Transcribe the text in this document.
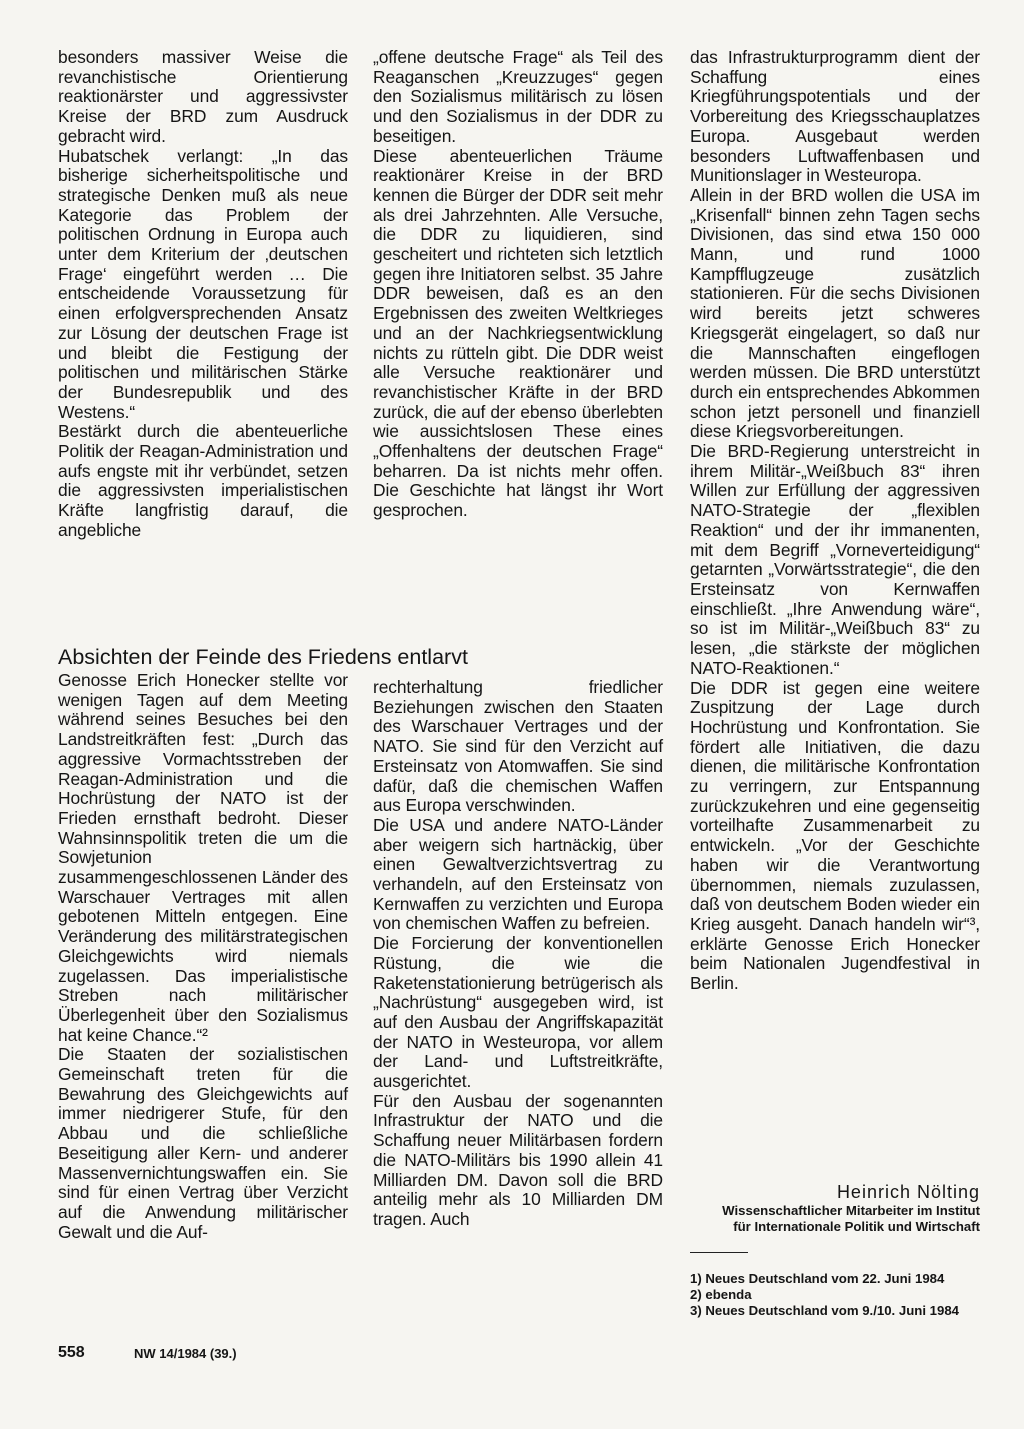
besonders massiver Weise die revanchistische Orientierung reaktionärster und aggressivster Kreise der BRD zum Ausdruck gebracht wird.

Hubatschek verlangt: „In das bisherige sicherheitspolitische und strategische Denken muß als neue Kategorie das Problem der politischen Ordnung in Europa auch unter dem Kriterium der ‚deutschen Frage‘ eingeführt werden … Die entscheidende Voraussetzung für einen erfolgversprechenden Ansatz zur Lösung der deutschen Frage ist und bleibt die Festigung der politischen und militärischen Stärke der Bundesrepublik und des Westens.“

Bestärkt durch die abenteuerliche Politik der Reagan-Administration und aufs engste mit ihr verbündet, setzen die aggressivsten imperialistischen Kräfte langfristig darauf, die angebliche

„offene deutsche Frage“ als Teil des Reaganschen „Kreuzzuges“ gegen den Sozialismus militärisch zu lösen und den Sozialismus in der DDR zu beseitigen.

Diese abenteuerlichen Träume reaktionärer Kreise in der BRD kennen die Bürger der DDR seit mehr als drei Jahrzehnten. Alle Versuche, die DDR zu liquidieren, sind gescheitert und richteten sich letztlich gegen ihre Initiatoren selbst. 35 Jahre DDR beweisen, daß es an den Ergebnissen des zweiten Weltkrieges und an der Nachkriegsentwicklung nichts zu rütteln gibt. Die DDR weist alle Versuche reaktionärer und revanchistischer Kräfte in der BRD zurück, die auf der ebenso überlebten wie aussichtslosen These eines „Offenhaltens der deutschen Frage“ beharren. Da ist nichts mehr offen. Die Geschichte hat längst ihr Wort gesprochen.

das Infrastrukturprogramm dient der Schaffung eines Kriegführungspotentials und der Vorbereitung des Kriegsschauplatzes Europa. Ausgebaut werden besonders Luftwaffenbasen und Munitionslager in Westeuropa.

Allein in der BRD wollen die USA im „Krisenfall“ binnen zehn Tagen sechs Divisionen, das sind etwa 150 000 Mann, und rund 1000 Kampfflugzeuge zusätzlich stationieren. Für die sechs Divisionen wird bereits jetzt schweres Kriegsgerät eingelagert, so daß nur die Mannschaften eingeflogen werden müssen. Die BRD unterstützt durch ein entsprechendes Abkommen schon jetzt personell und finanziell diese Kriegsvorbereitungen.

Die BRD-Regierung unterstreicht in ihrem Militär-„Weißbuch 83“ ihren Willen zur Erfüllung der aggressiven NATO-Strategie der „flexiblen Reaktion“ und der ihr immanenten, mit dem Begriff „Vorneverteidigung“ getarnten „Vorwärtsstrategie“, die den Ersteinsatz von Kernwaffen einschließt. „Ihre Anwendung wäre“, so ist im Militär-„Weißbuch 83“ zu lesen, „die stärkste der möglichen NATO-Reaktionen.“

Die DDR ist gegen eine weitere Zuspitzung der Lage durch Hochrüstung und Konfrontation. Sie fördert alle Initiativen, die dazu dienen, die militärische Konfrontation zu verringern, zur Entspannung zurückzukehren und eine gegenseitig vorteilhafte Zusammenarbeit zu entwickeln. „Vor der Geschichte haben wir die Verantwortung übernommen, niemals zuzulassen, daß von deutschem Boden wieder ein Krieg ausgeht. Danach handeln wir“³, erklärte Genosse Erich Honecker beim Nationalen Jugendfestival in Berlin.

Absichten der Feinde des Friedens entlarvt

Genosse Erich Honecker stellte vor wenigen Tagen auf dem Meeting während seines Besuches bei den Landstreitkräften fest: „Durch das aggressive Vormachtsstreben der Reagan-Administration und die Hochrüstung der NATO ist der Frieden ernsthaft bedroht. Dieser Wahnsinnspolitik treten die um die Sowjetunion zusammengeschlossenen Länder des Warschauer Vertrages mit allen gebotenen Mitteln entgegen. Eine Veränderung des militärstrategischen Gleichgewichts wird niemals zugelassen. Das imperialistische Streben nach militärischer Überlegenheit über den Sozialismus hat keine Chance.“²

Die Staaten der sozialistischen Gemeinschaft treten für die Bewahrung des Gleichgewichts auf immer niedrigerer Stufe, für den Abbau und die schließliche Beseitigung aller Kern- und anderer Massenvernichtungswaffen ein. Sie sind für einen Vertrag über Verzicht auf die Anwendung militärischer Gewalt und die Auf-

rechterhaltung friedlicher Beziehungen zwischen den Staaten des Warschauer Vertrages und der NATO. Sie sind für den Verzicht auf Ersteinsatz von Atomwaffen. Sie sind dafür, daß die chemischen Waffen aus Europa verschwinden.

Die USA und andere NATO-Länder aber weigern sich hartnäckig, über einen Gewaltverzichtsvertrag zu verhandeln, auf den Ersteinsatz von Kernwaffen zu verzichten und Europa von chemischen Waffen zu befreien.

Die Forcierung der konventionellen Rüstung, die wie die Raketenstationierung betrügerisch als „Nachrüstung“ ausgegeben wird, ist auf den Ausbau der Angriffskapazität der NATO in Westeuropa, vor allem der Land- und Luftstreitkräfte, ausgerichtet.

Für den Ausbau der sogenannten Infrastruktur der NATO und die Schaffung neuer Militärbasen fordern die NATO-Militärs bis 1990 allein 41 Milliarden DM. Davon soll die BRD anteilig mehr als 10 Milliarden DM tragen. Auch

Heinrich Nölting
Wissenschaftlicher Mitarbeiter im Institut
für Internationale Politik und Wirtschaft
1) Neues Deutschland vom 22. Juni 1984
2) ebenda
3) Neues Deutschland vom 9./10. Juni 1984
558	NW 14/1984 (39.)
